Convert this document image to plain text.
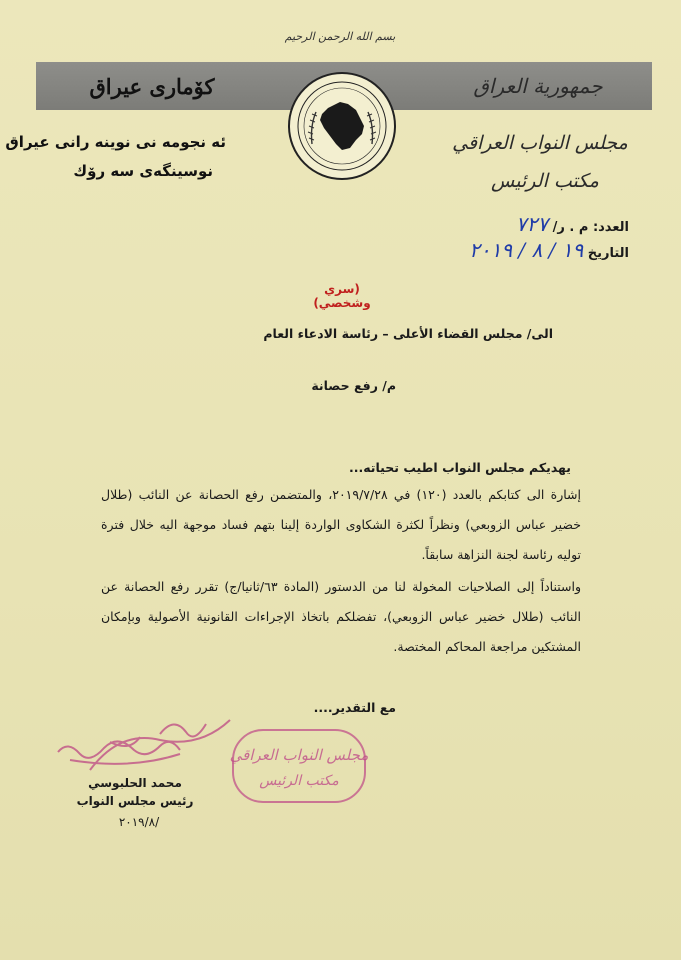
بسم الله الرحمن الرحيم
كۆماری عیراق	جمهورية العراق
ئه نجومه نى نوينه رانى عيراق
نوسينگەى سه رۆك
مجلس النواب العراقي
مكتب الرئيس
العدد: م . ر/ ٧٢٧
التاريخ ١٩ / ٨ / ٢٠١٩
(سري وشخصي)
الى/ مجلس القضاء الأعلى – رئاسة الادعاء العام
م/ رفع حصانة
يهديكم مجلس النواب اطيب تحياته...
إشارة الى كتابكم بالعدد (١٢٠) في ٢٠١٩/٧/٢٨، والمتضمن رفع الحصانة عن النائب (طلال خضير عباس الزوبعي) ونظراً لكثرة الشكاوى الواردة إلينا بتهم فساد موجهة اليه خلال فترة توليه رئاسة لجنة النزاهة سابقاً.
واستناداً إلى الصلاحيات المخولة لنا من الدستور (المادة ٦٣/ثانيا/ج) تقرر رفع الحصانة عن النائب (طلال خضير عباس الزوبعي)، تفضلكم باتخاذ الإجراءات القانونية الأصولية وبإمكان المشتكين مراجعة المحاكم المختصة.
مع التقدير....
مجلس النواب العراقي
مكتب الرئيس
محمد الحلبوسي
رئيس مجلس النواب
٢٠١٩/٨/
